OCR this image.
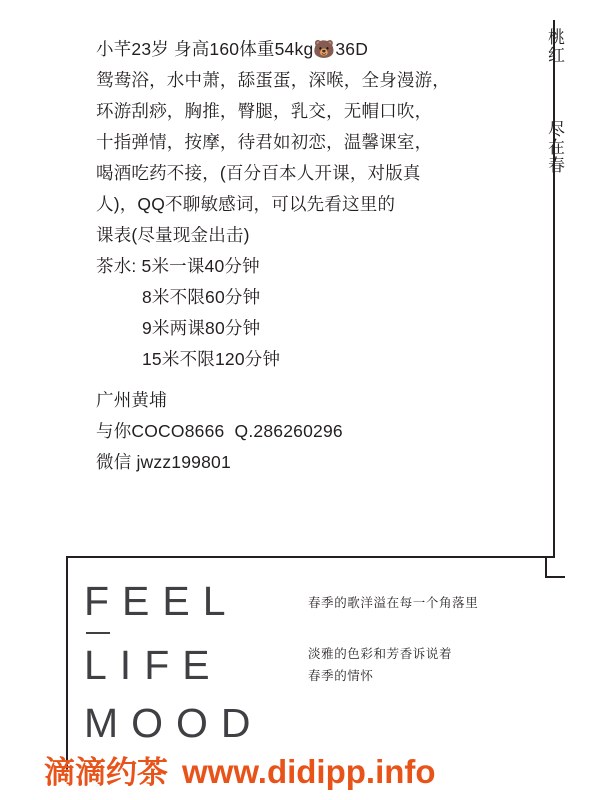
小芊23岁 身高160体重54kg🐻36D
鸳鸯浴，水中萧，舔蛋蛋，深喉，全身漫游，
环游刮痧，胸推，臀腿，乳交，无帽口吹，
十指弹情，按摩，待君如初恋，温馨课室，
喝酒吃药不接，(百分百本人开课，对版真
人)，QQ不聊敏感词，可以先看这里的
课表(尽量现金出击)
茶水: 5米一课40分钟
8米不限60分钟
9米两课80分钟
15米不限120分钟
广州黄埔
与你COCO8666  Q.286260296
微信 jwzz199801
FEEL
LIFE
MOOD
春季的歌洋溢在每一个角落里
淡雅的色彩和芳香诉说着
春季的情怀
滴滴约茶 www.didipp.info
